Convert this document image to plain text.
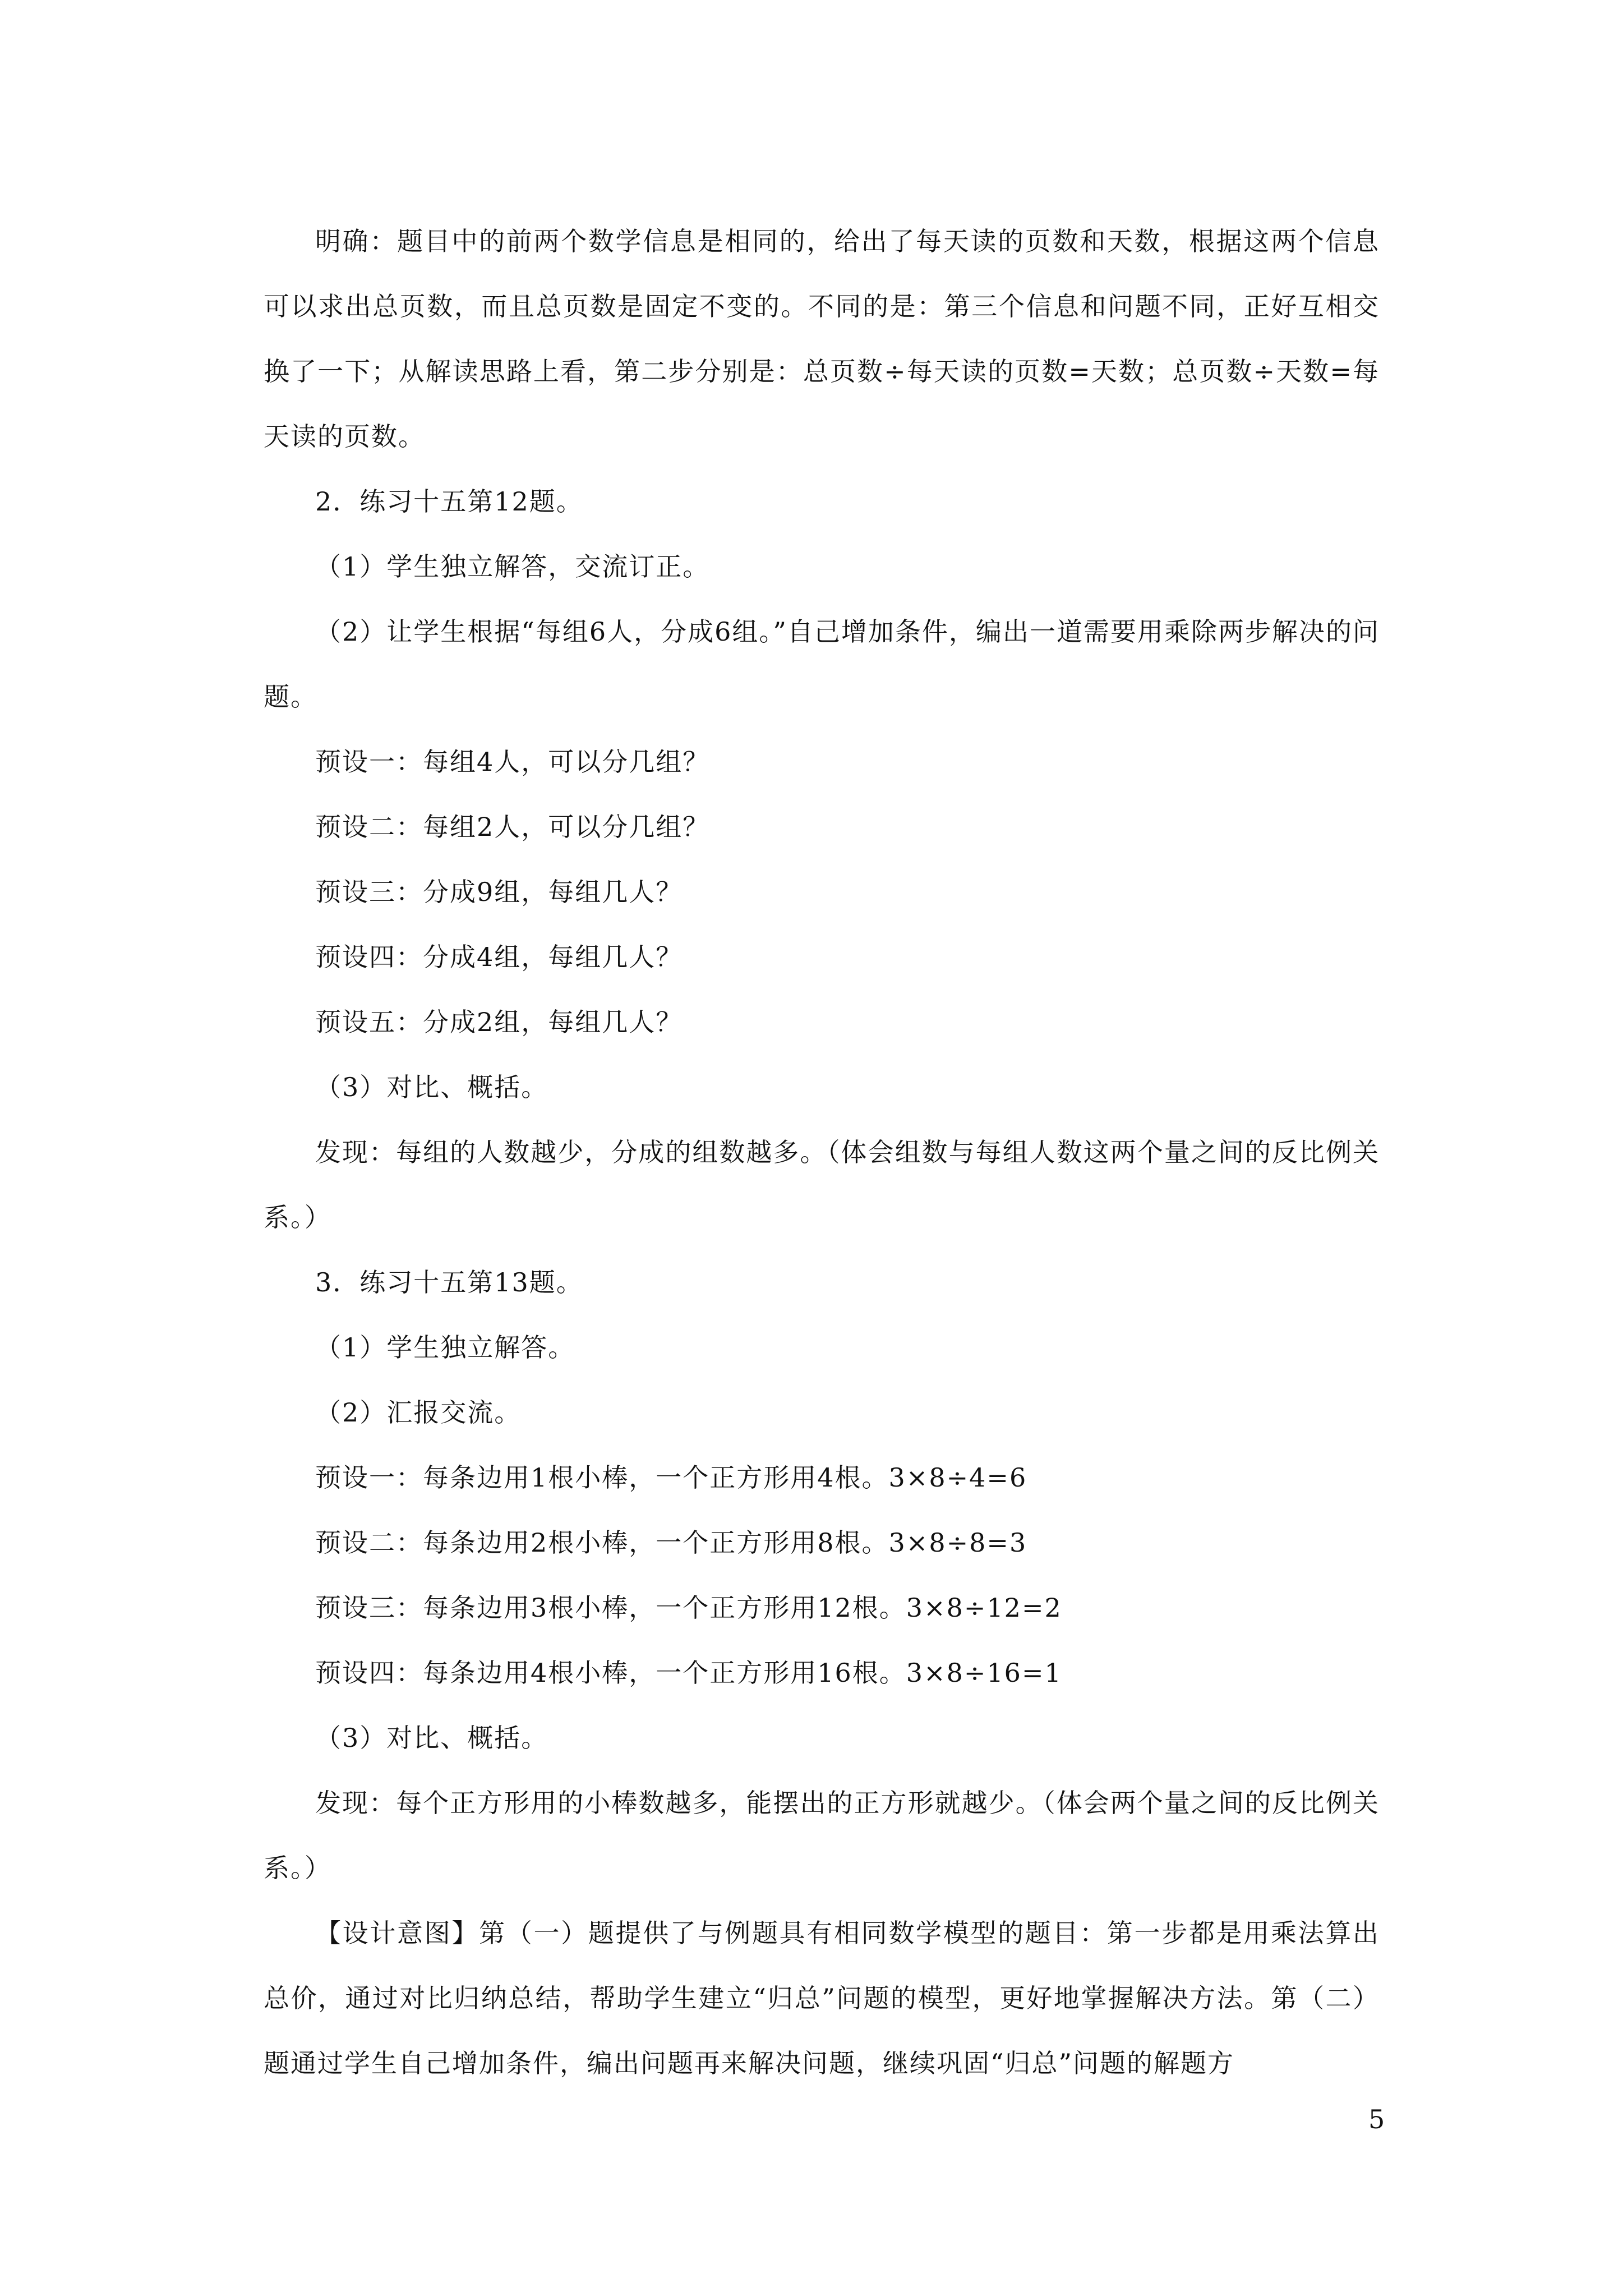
明确：题目中的前两个数学信息是相同的，给出了每天读的页数和天数，根据这两个信息可以求出总页数，而且总页数是固定不变的。不同的是：第三个信息和问题不同，正好互相交换了一下；从解读思路上看，第二步分别是：总页数÷每天读的页数=天数；总页数÷天数=每天读的页数。

2．练习十五第12题。

（1）学生独立解答，交流订正。

（2）让学生根据“每组6人，分成6组。”自己增加条件，编出一道需要用乘除两步解决的问题。

预设一：每组4人，可以分几组？

预设二：每组2人，可以分几组？

预设三：分成9组，每组几人？

预设四：分成4组，每组几人？

预设五：分成2组，每组几人？

（3）对比、概括。

发现：每组的人数越少，分成的组数越多。（体会组数与每组人数这两个量之间的反比例关系。）

3．练习十五第13题。

（1）学生独立解答。

（2）汇报交流。

预设一：每条边用1根小棒，一个正方形用4根。3×8÷4=6

预设二：每条边用2根小棒，一个正方形用8根。3×8÷8=3

预设三：每条边用3根小棒，一个正方形用12根。3×8÷12=2

预设四：每条边用4根小棒，一个正方形用16根。3×8÷16=1

（3）对比、概括。

发现：每个正方形用的小棒数越多，能摆出的正方形就越少。（体会两个量之间的反比例关系。）

【设计意图】第（一）题提供了与例题具有相同数学模型的题目：第一步都是用乘法算出总价，通过对比归纳总结，帮助学生建立“归总”问题的模型，更好地掌握解决方法。第（二）题通过学生自己增加条件，编出问题再来解决问题，继续巩固“归总”问题的解题方

5
